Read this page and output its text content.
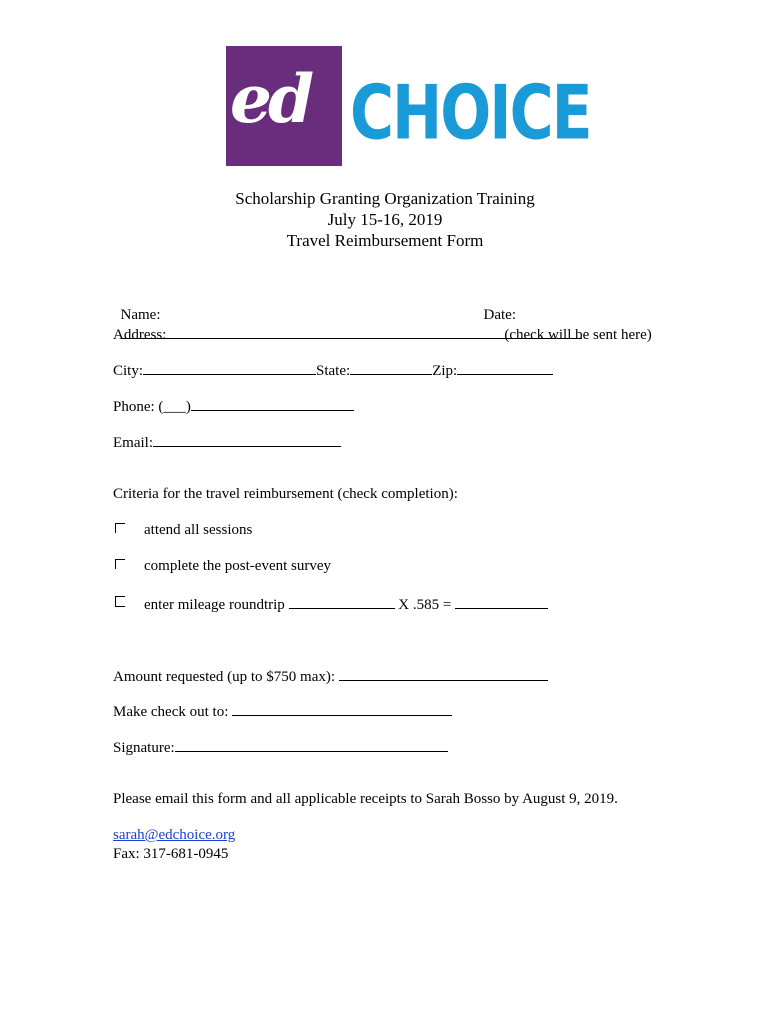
ed CHOICE
Scholarship Granting Organization Training
July 15-16, 2019
Travel Reimbursement Form

Name:
	Date:

Address:	(check will be sent here)
City:	State:	Zip:
Phone: (___)
Email:
Criteria for the travel reimbursement (check completion):
attend all sessions
complete the post-event survey
enter mileage roundtrip	X .585 =
Amount requested (up to $750 max):
Make check out to:
Signature:
Please email this form and all applicable receipts to Sarah Bosso by August 9, 2019.
sarah@edchoice.org
Fax: 317-681-0945
